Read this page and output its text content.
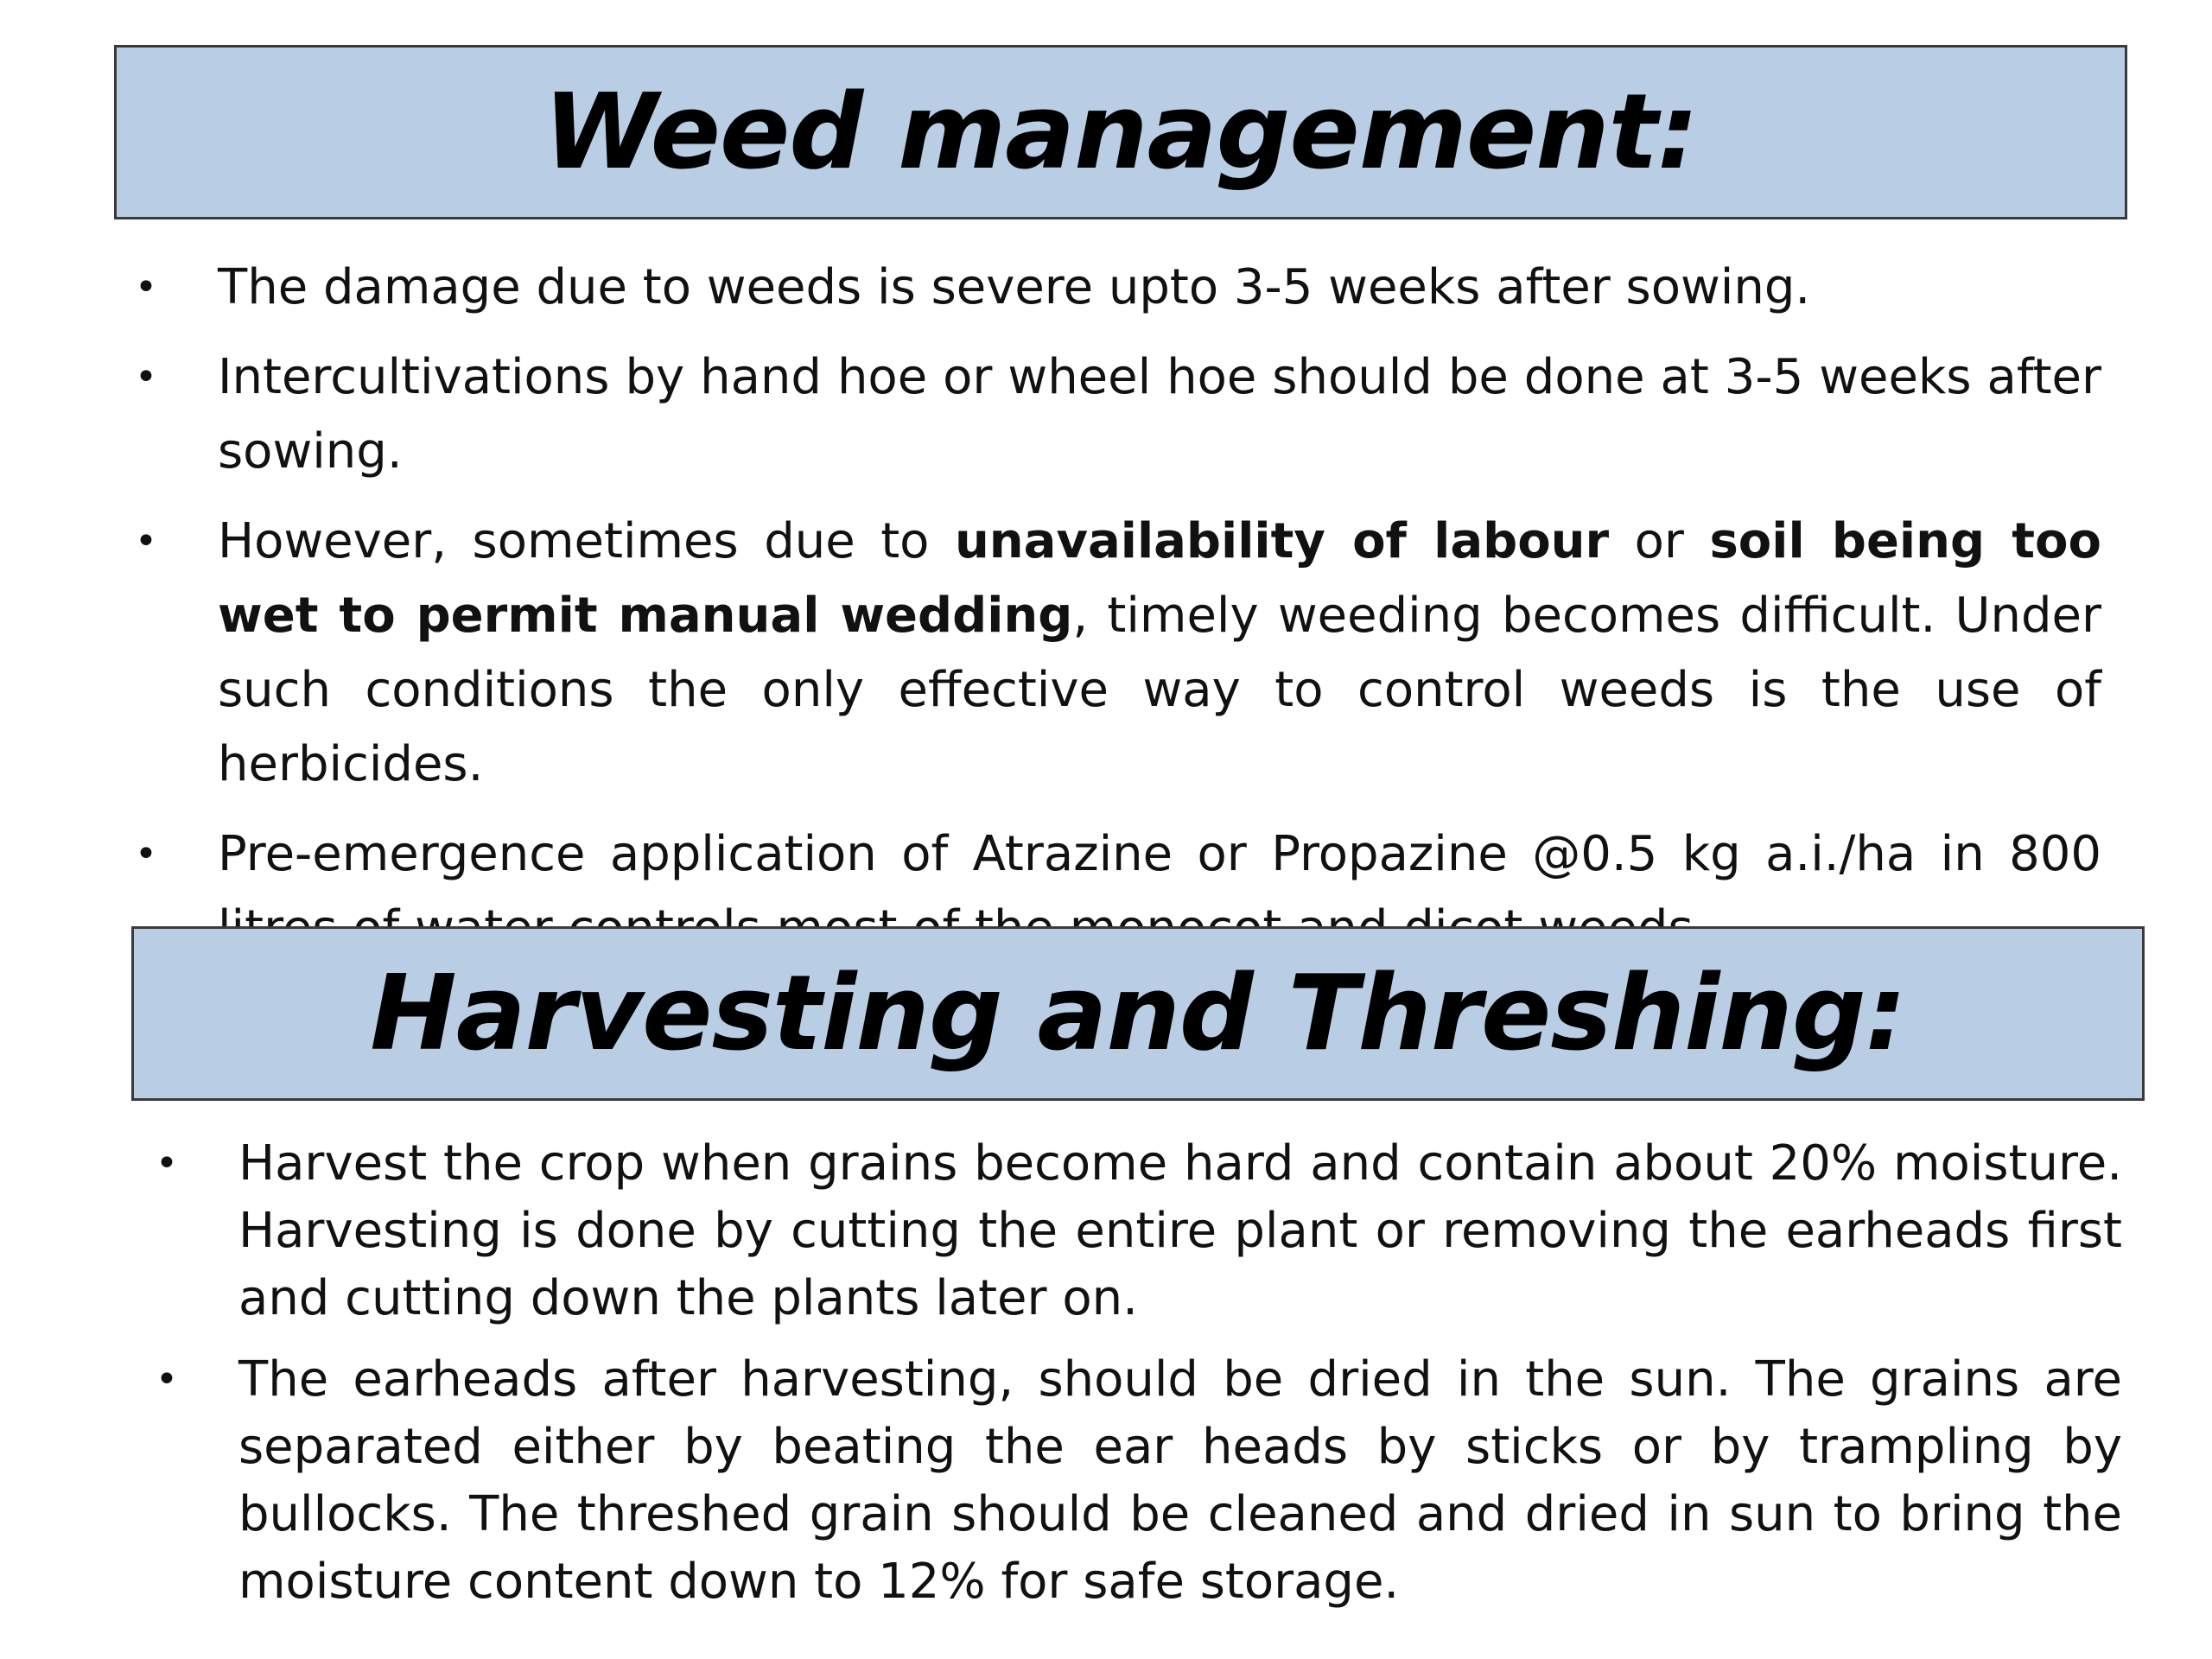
Weed management:
• The damage due to weeds is severe upto 3-5 weeks after sowing.
• Intercultivations by hand hoe or wheel hoe should be done at 3-5 weeks after sowing.
• However, sometimes due to unavailability of labour or soil being too wet to permit manual wedding, timely weeding becomes difficult. Under such conditions the only effective way to control weeds is the use of herbicides.
• Pre-emergence application of Atrazine or Propazine @0.5 kg a.i./ha in 800
Harvesting and Threshing:
• Harvest the crop when grains become hard and contain about 20% moisture. Harvesting is done by cutting the entire plant or removing the earheads first and cutting down the plants later on.
• The earheads after harvesting, should be dried in the sun. The grains are separated either by beating the ear heads by sticks or by trampling by bullocks. The threshed grain should be cleaned and dried in sun to bring the moisture content down to 12% for safe storage.
